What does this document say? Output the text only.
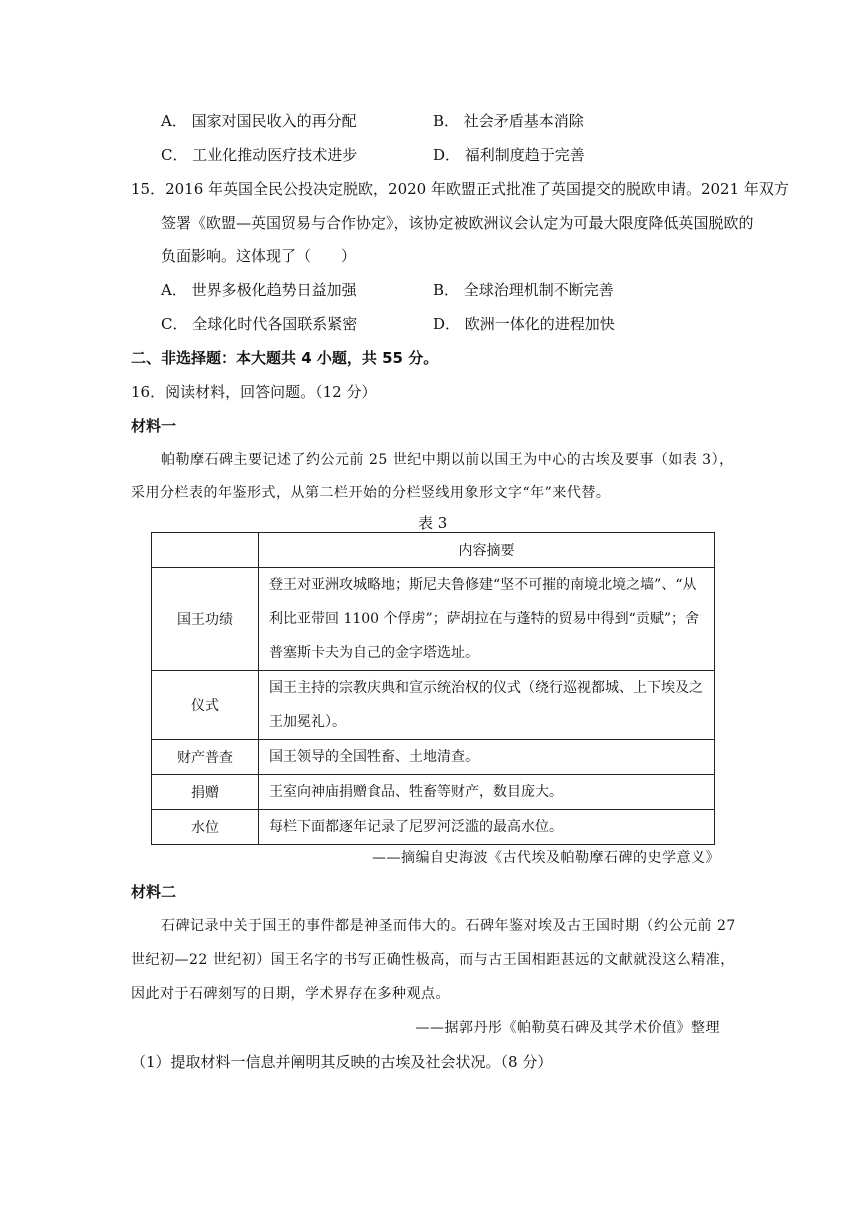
A． 国家对国民收入的再分配	B． 社会矛盾基本消除
C． 工业化推动医疗技术进步	D． 福利制度趋于完善
15．2016 年英国全民公投决定脱欧，2020 年欧盟正式批准了英国提交的脱欧申请。2021 年双方
签署《欧盟—英国贸易与合作协定》，该协定被欧洲议会认定为可最大限度降低英国脱欧的
负面影响。这体现了（　　）
A． 世界多极化趋势日益加强	B． 全球治理机制不断完善
C． 全球化时代各国联系紧密	D． 欧洲一体化的进程加快
二、非选择题：本大题共 4 小题，共 55 分。
16．阅读材料，回答问题。（12 分）
材料一
帕勒摩石碑主要记述了约公元前 25 世纪中期以前以国王为中心的古埃及要事（如表 3），
采用分栏表的年鉴形式，从第二栏开始的分栏竖线用象形文字“年”来代替。
表 3
	内容摘要
国王功绩	登王对亚洲攻城略地；斯尼夫鲁修建“坚不可摧的南境北境之墙”、“从利比亚带回 1100 个俘虏”；萨胡拉在与蓬特的贸易中得到“贡赋”；舍普塞斯卡夫为自己的金字塔选址。
仪式	国王主持的宗教庆典和宣示统治权的仪式（绕行巡视都城、上下埃及之王加冕礼）。
财产普查	国王领导的全国牲畜、土地清查。
捐赠	王室向神庙捐赠食品、牲畜等财产，数目庞大。
水位	每栏下面都逐年记录了尼罗河泛滥的最高水位。
——摘编自史海波《古代埃及帕勒摩石碑的史学意义》
材料二
石碑记录中关于国王的事件都是神圣而伟大的。石碑年鉴对埃及古王国时期（约公元前 27
世纪初—22 世纪初）国王名字的书写正确性极高，而与古王国相距甚远的文献就没这么精准，
因此对于石碑刻写的日期，学术界存在多种观点。
——据郭丹彤《帕勒莫石碑及其学术价值》整理
（1）提取材料一信息并阐明其反映的古埃及社会状况。（8 分）
